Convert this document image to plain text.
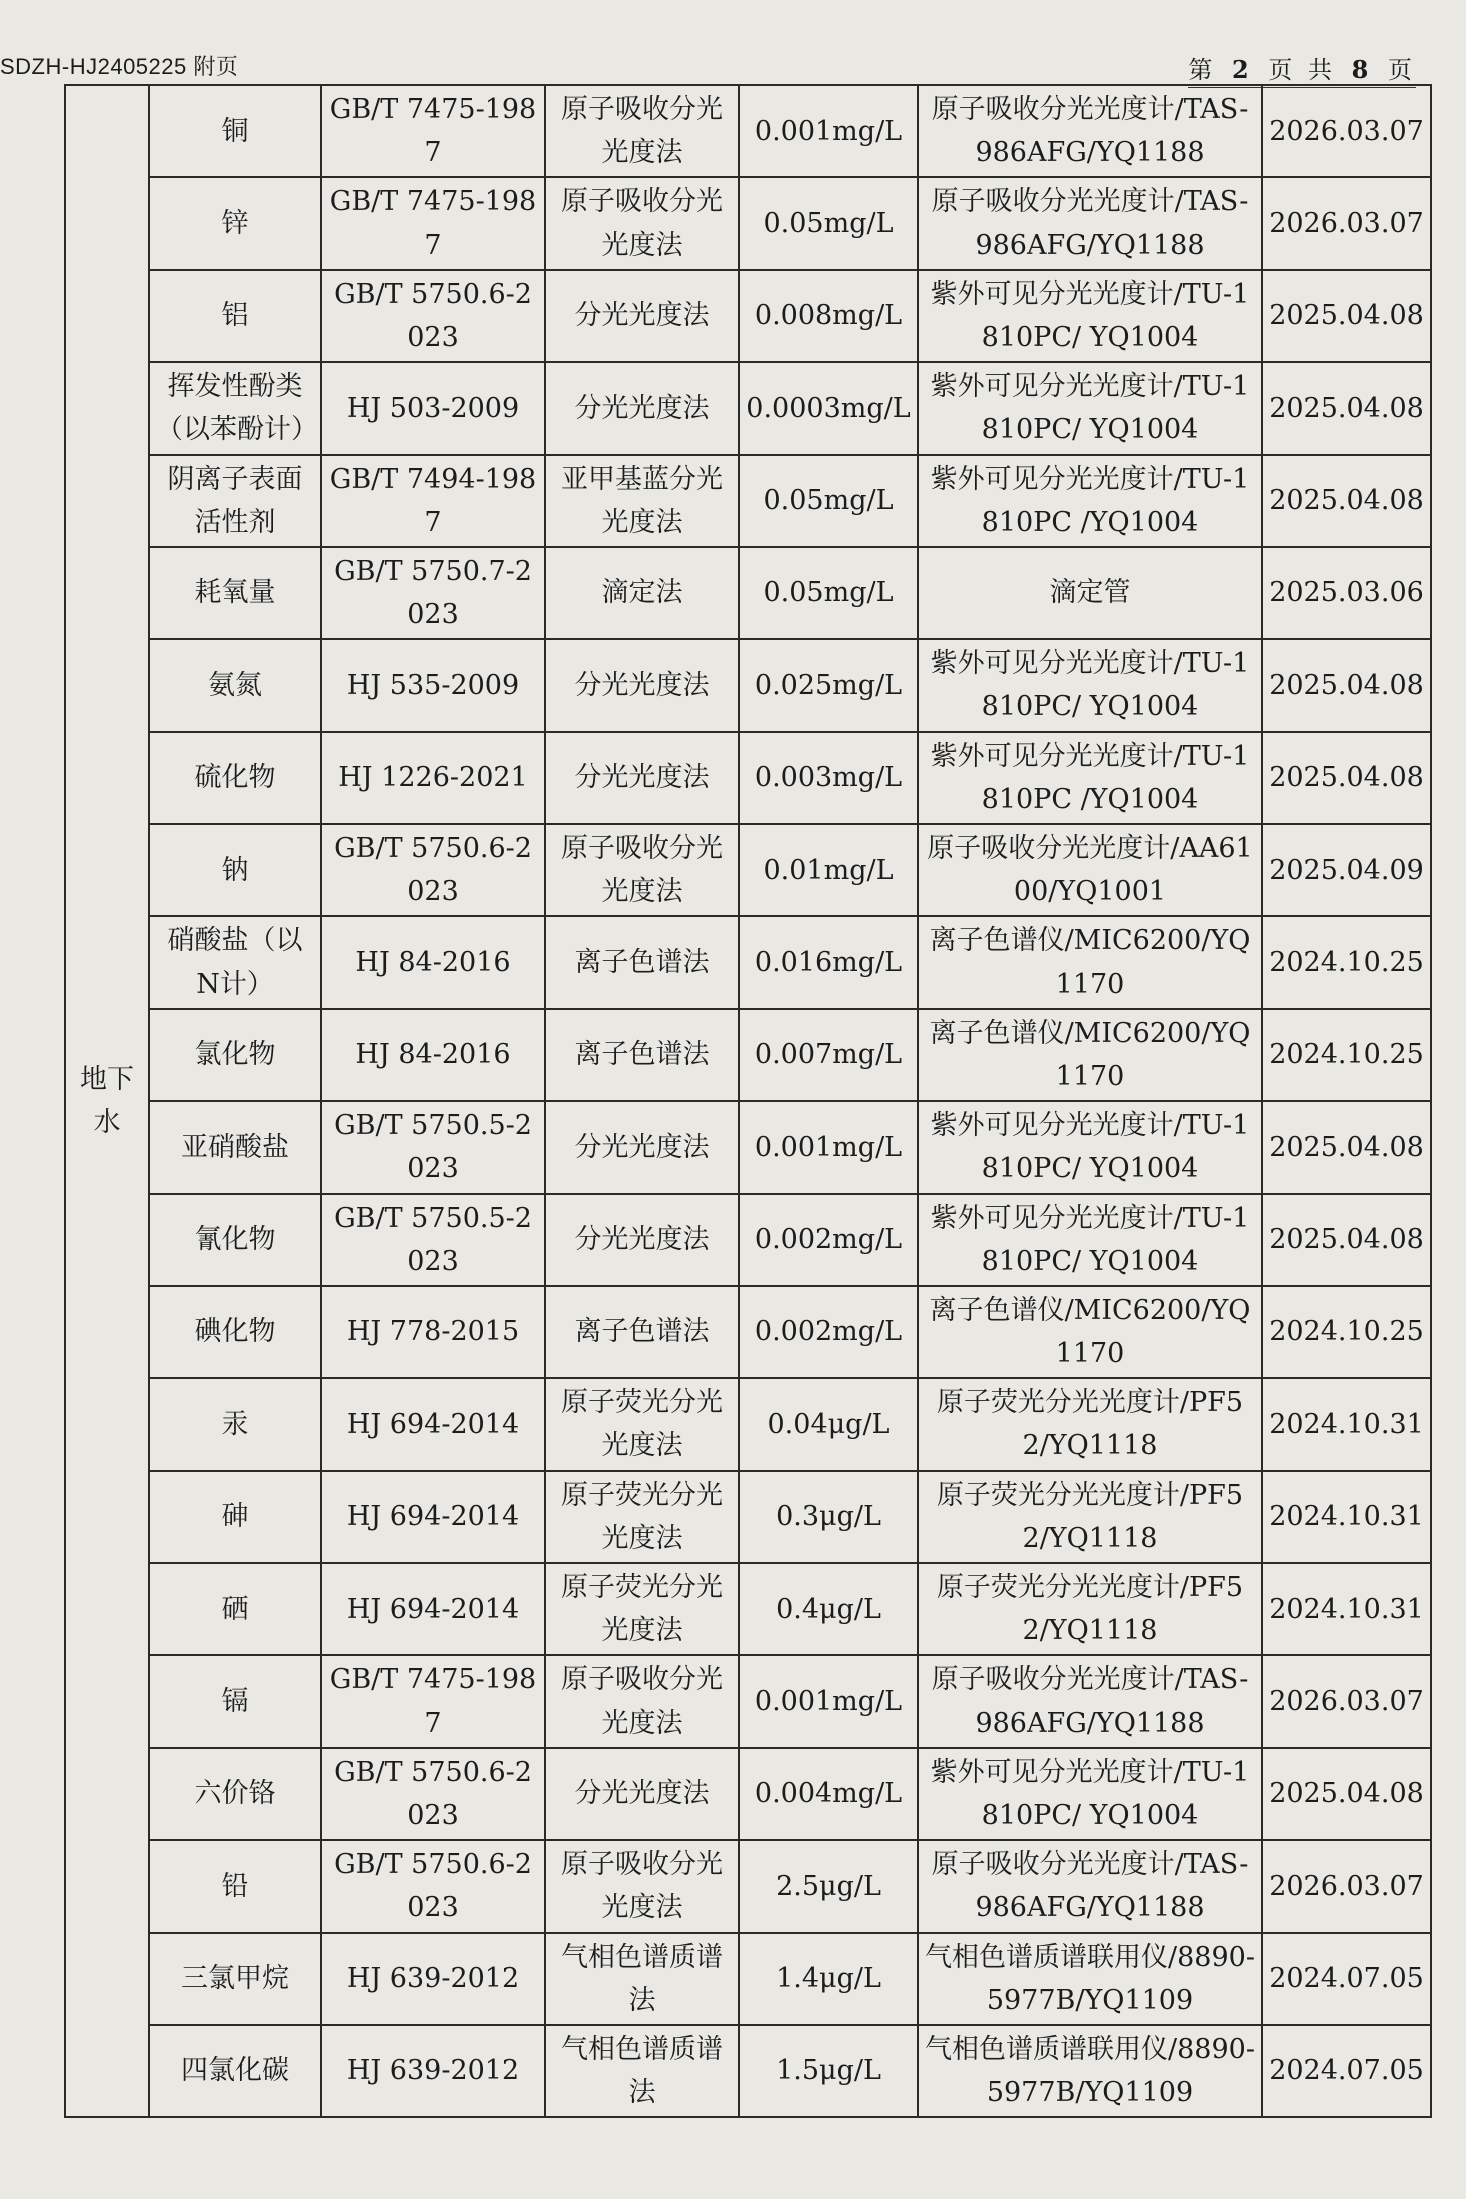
SDZH-HJ2405225 附页	第 2 页 共 8 页
地下水	铜	GB/T 7475-1987	原子吸收分光光度法	0.001mg/L	原子吸收分光光度计/TAS-986AFG/YQ1188	2026.03.07
	锌	GB/T 7475-1987	原子吸收分光光度法	0.05mg/L	原子吸收分光光度计/TAS-986AFG/YQ1188	2026.03.07
	铝	GB/T 5750.6-2023	分光光度法	0.008mg/L	紫外可见分光光度计/TU-1810PC/ YQ1004	2025.04.08
	挥发性酚类（以苯酚计）	HJ 503-2009	分光光度法	0.0003mg/L	紫外可见分光光度计/TU-1810PC/ YQ1004	2025.04.08
	阴离子表面活性剂	GB/T 7494-1987	亚甲基蓝分光光度法	0.05mg/L	紫外可见分光光度计/TU-1810PC /YQ1004	2025.04.08
	耗氧量	GB/T 5750.7-2023	滴定法	0.05mg/L	滴定管	2025.03.06
	氨氮	HJ 535-2009	分光光度法	0.025mg/L	紫外可见分光光度计/TU-1810PC/ YQ1004	2025.04.08
	硫化物	HJ 1226-2021	分光光度法	0.003mg/L	紫外可见分光光度计/TU-1810PC /YQ1004	2025.04.08
	钠	GB/T 5750.6-2023	原子吸收分光光度法	0.01mg/L	原子吸收分光光度计/AA6100/YQ1001	2025.04.09
	硝酸盐（以N计）	HJ 84-2016	离子色谱法	0.016mg/L	离子色谱仪/MIC6200/YQ1170	2024.10.25
	氯化物	HJ 84-2016	离子色谱法	0.007mg/L	离子色谱仪/MIC6200/YQ1170	2024.10.25
	亚硝酸盐	GB/T 5750.5-2023	分光光度法	0.001mg/L	紫外可见分光光度计/TU-1810PC/ YQ1004	2025.04.08
	氰化物	GB/T 5750.5-2023	分光光度法	0.002mg/L	紫外可见分光光度计/TU-1810PC/ YQ1004	2025.04.08
	碘化物	HJ 778-2015	离子色谱法	0.002mg/L	离子色谱仪/MIC6200/YQ1170	2024.10.25
	汞	HJ 694-2014	原子荧光分光光度法	0.04μg/L	原子荧光分光光度计/PF52/YQ1118	2024.10.31
	砷	HJ 694-2014	原子荧光分光光度法	0.3μg/L	原子荧光分光光度计/PF52/YQ1118	2024.10.31
	硒	HJ 694-2014	原子荧光分光光度法	0.4μg/L	原子荧光分光光度计/PF52/YQ1118	2024.10.31
	镉	GB/T 7475-1987	原子吸收分光光度法	0.001mg/L	原子吸收分光光度计/TAS-986AFG/YQ1188	2026.03.07
	六价铬	GB/T 5750.6-2023	分光光度法	0.004mg/L	紫外可见分光光度计/TU-1810PC/ YQ1004	2025.04.08
	铅	GB/T 5750.6-2023	原子吸收分光光度法	2.5μg/L	原子吸收分光光度计/TAS-986AFG/YQ1188	2026.03.07
	三氯甲烷	HJ 639-2012	气相色谱质谱法	1.4μg/L	气相色谱质谱联用仪/8890-5977B/YQ1109	2024.07.05
	四氯化碳	HJ 639-2012	气相色谱质谱法	1.5μg/L	气相色谱质谱联用仪/8890-5977B/YQ1109	2024.07.05
